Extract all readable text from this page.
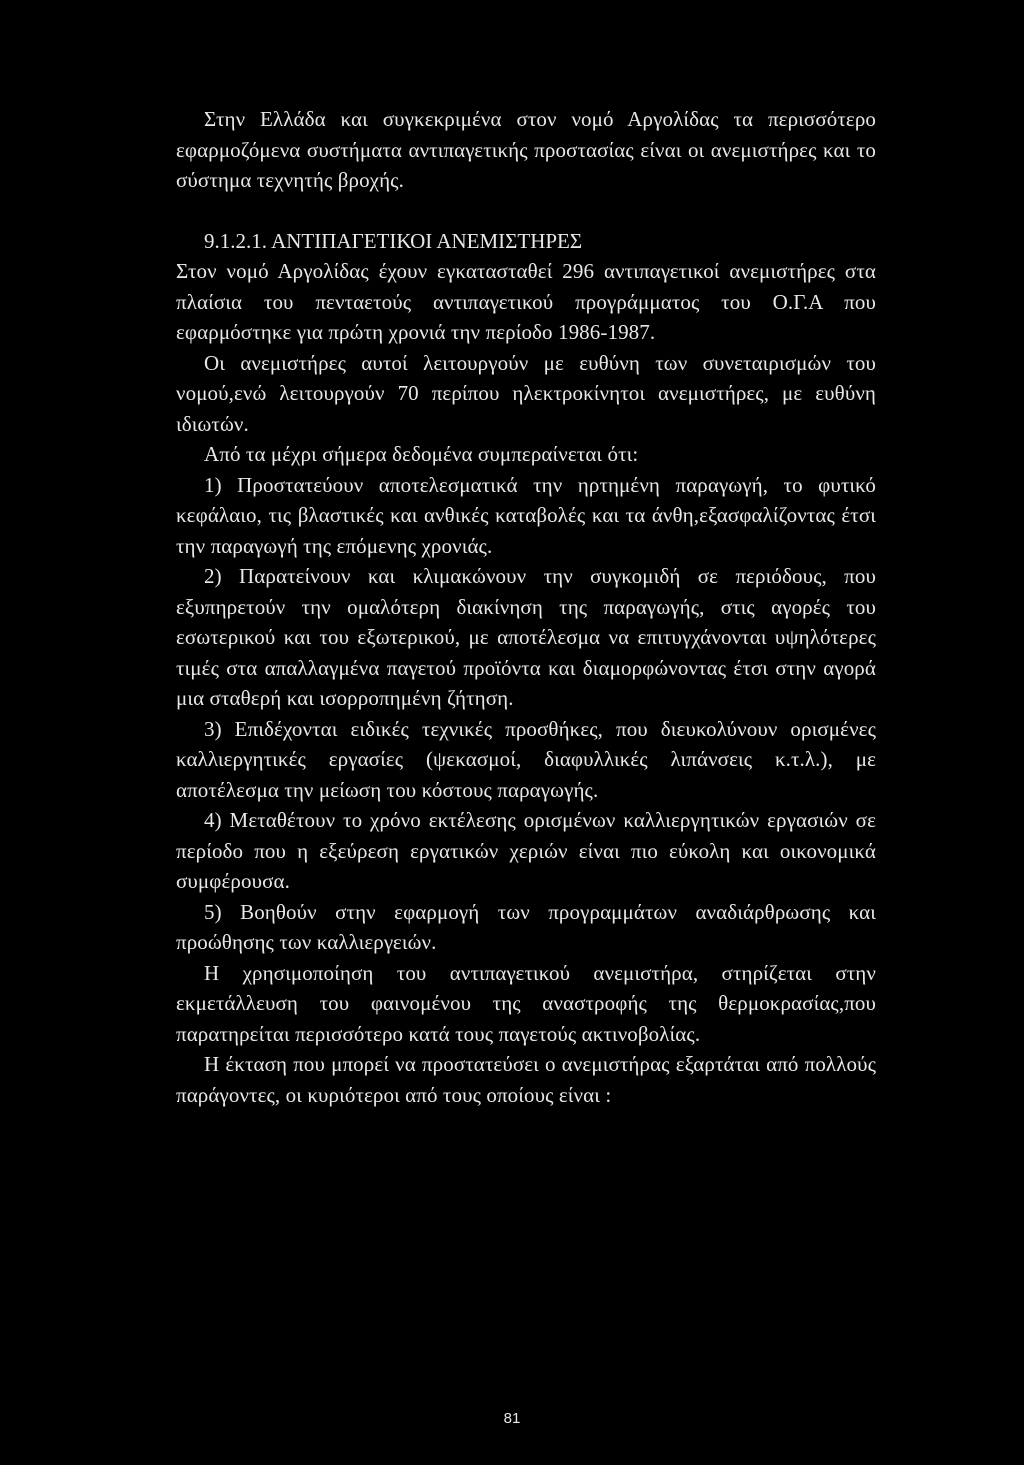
Στην Ελλάδα και συγκεκριμένα στον νομό Αργολίδας τα περισσότερο εφαρμοζόμενα συστήματα αντιπαγετικής προστασίας είναι οι ανεμιστήρες και το σύστημα τεχνητής βροχής.

9.1.2.1. ΑΝΤΙΠΑΓΕΤΙΚΟΙ ΑΝΕΜΙΣΤΗΡΕΣ

Στον νομό Αργολίδας έχουν εγκατασταθεί 296 αντιπαγετικοί ανεμιστήρες στα πλαίσια του πενταετούς αντιπαγετικού προγράμματος του Ο.Γ.Α που εφαρμόστηκε για πρώτη χρονιά την περίοδο 1986-1987.

Οι ανεμιστήρες αυτοί λειτουργούν με ευθύνη των συνεταιρισμών του νομού,ενώ λειτουργούν 70 περίπου ηλεκτροκίνητοι ανεμιστήρες, με ευθύνη ιδιωτών.

Από τα μέχρι σήμερα δεδομένα συμπεραίνεται ότι:

1) Προστατεύουν αποτελεσματικά την ηρτημένη παραγωγή, το φυτικό κεφάλαιο, τις βλαστικές και ανθικές καταβολές και τα άνθη,εξασφαλίζοντας έτσι την παραγωγή της επόμενης χρονιάς.

2) Παρατείνουν και κλιμακώνουν την συγκομιδή σε περιόδους, που εξυπηρετούν την ομαλότερη διακίνηση της παραγωγής, στις αγορές του εσωτερικού και του εξωτερικού, με αποτέλεσμα να επιτυγχάνονται υψηλότερες τιμές στα απαλλαγμένα παγετού προϊόντα και διαμορφώνοντας έτσι στην αγορά μια σταθερή και ισορροπημένη ζήτηση.

3) Επιδέχονται ειδικές τεχνικές προσθήκες, που διευκολύνουν ορισμένες καλλιεργητικές εργασίες (ψεκασμοί, διαφυλλικές λιπάνσεις κ.τ.λ.), με αποτέλεσμα την μείωση του κόστους παραγωγής.

4) Μεταθέτουν το χρόνο εκτέλεσης ορισμένων καλλιεργητικών εργασιών σε περίοδο που η εξεύρεση εργατικών χεριών είναι πιο εύκολη και οικονομικά συμφέρουσα.

5) Βοηθούν στην εφαρμογή των προγραμμάτων αναδιάρθρωσης και προώθησης των καλλιεργειών.

Η χρησιμοποίηση του αντιπαγετικού ανεμιστήρα, στηρίζεται στην εκμετάλλευση του φαινομένου της αναστροφής της θερμοκρασίας,που παρατηρείται περισσότερο κατά τους παγετούς ακτινοβολίας.

Η έκταση που μπορεί να προστατεύσει ο ανεμιστήρας εξαρτάται από πολλούς παράγοντες, οι κυριότεροι από τους οποίους είναι :

81
